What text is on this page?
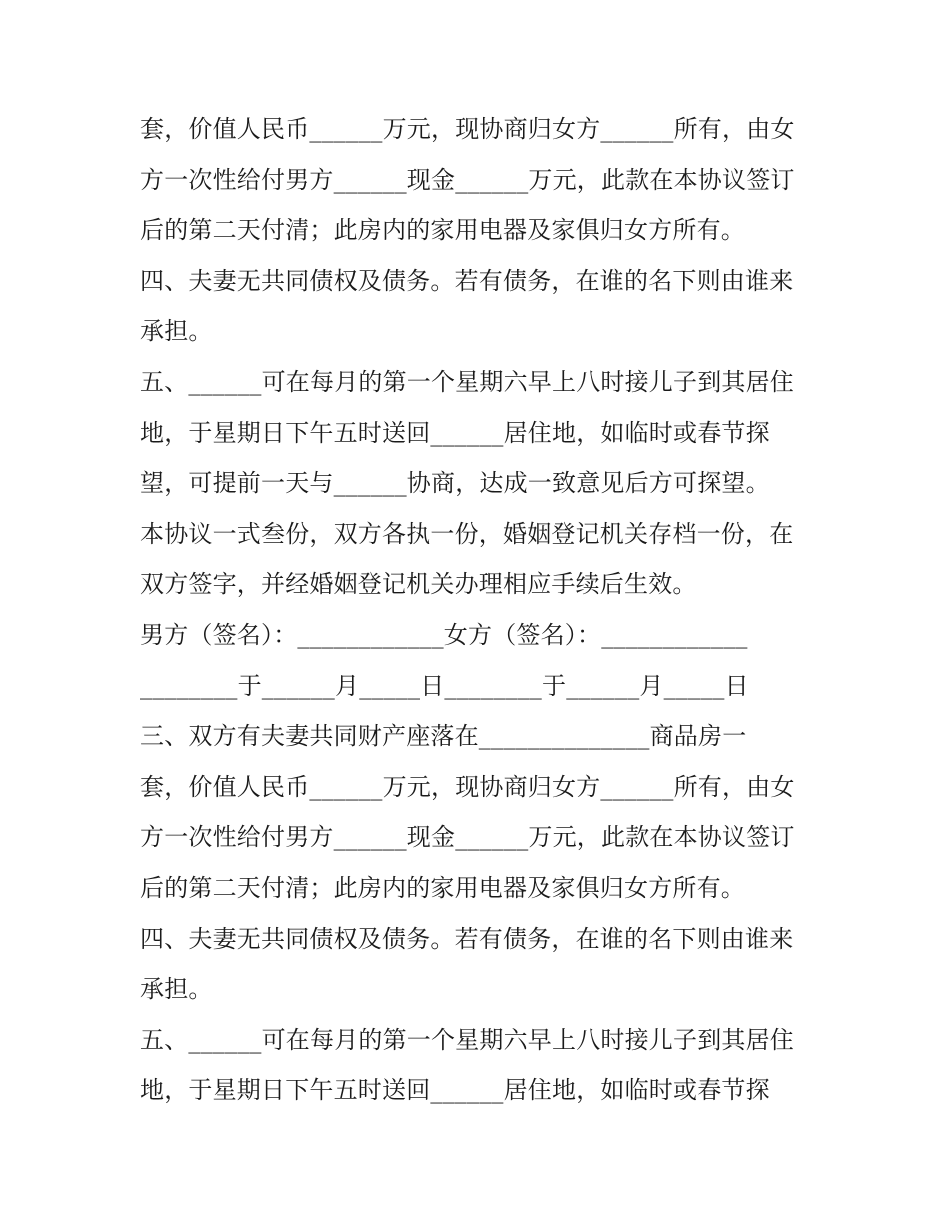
套，价值人民币______万元，现协商归女方______所有，由女
方一次性给付男方______现金______万元，此款在本协议签订
后的第二天付清；此房内的家用电器及家俱归女方所有。
四、夫妻无共同债权及债务。若有债务，在谁的名下则由谁来
承担。
五、______可在每月的第一个星期六早上八时接儿子到其居住
地，于星期日下午五时送回______居住地，如临时或春节探
望，可提前一天与______协商，达成一致意见后方可探望。
本协议一式叁份，双方各执一份，婚姻登记机关存档一份，在
双方签字，并经婚姻登记机关办理相应手续后生效。
男方（签名）：____________女方（签名）：____________
________于______月_____日________于______月_____日
三、双方有夫妻共同财产座落在______________商品房一
套，价值人民币______万元，现协商归女方______所有，由女
方一次性给付男方______现金______万元，此款在本协议签订
后的第二天付清；此房内的家用电器及家俱归女方所有。
四、夫妻无共同债权及债务。若有债务，在谁的名下则由谁来
承担。
五、______可在每月的第一个星期六早上八时接儿子到其居住
地，于星期日下午五时送回______居住地，如临时或春节探
